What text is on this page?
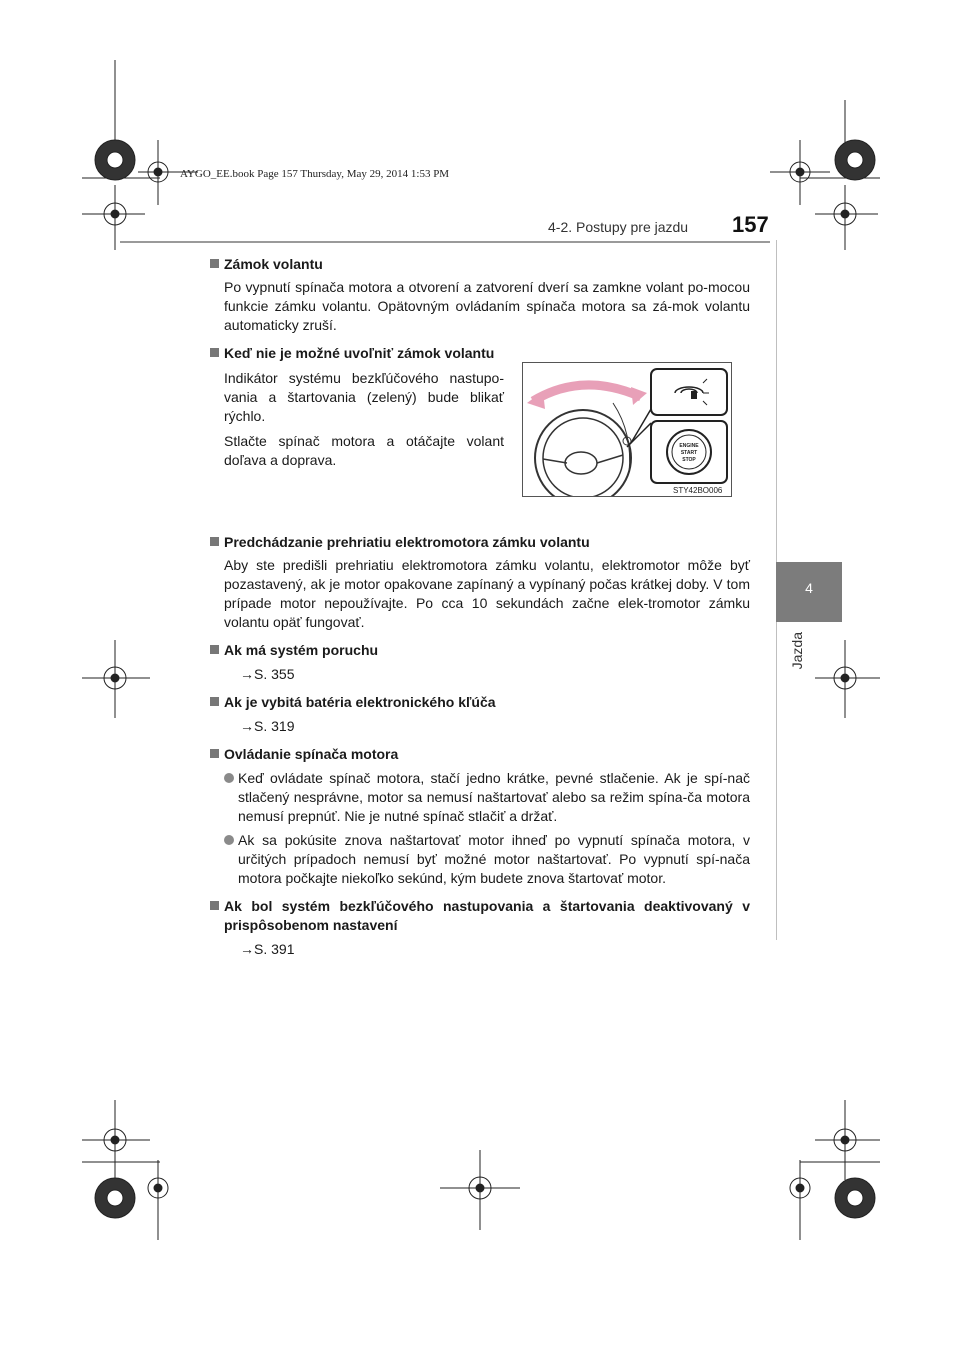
AYGO_EE.book Page 157 Thursday, May 29, 2014 1:53 PM
4-2. Postupy pre jazdu 157
4
Jazda
Zámok volantu
Po vypnutí spínača motora a otvorení a zatvorení dverí sa zamkne volant po-mocou funkcie zámku volantu. Opätovným ovládaním spínača motora sa zá-mok volantu automaticky zruší.
Keď nie je možné uvoľniť zámok volantu

Indikátor systému bezkľúčového nastupo-vania a štartovania (zelený) bude blikať rýchlo.

Stlačte spínač motora a otáčajte volant doľava a doprava.

Predchádzanie prehriatiu elektromotora zámku volantu
Aby ste predišli prehriatiu elektromotora zámku volantu, elektromotor môže byť pozastavený, ak je motor opakovane zapínaný a vypínaný počas krátkej doby. V tom prípade motor nepoužívajte. Po cca 10 sekundách začne elek-tromotor zámku volantu opäť fungovať.
Ak má systém poruchu
→S. 355
Ak je vybitá batéria elektronického kľúča
→S. 319
Ovládanie spínača motora
Keď ovládate spínač motora, stačí jedno krátke, pevné stlačenie. Ak je spí-nač stlačený nesprávne, motor sa nemusí naštartovať alebo sa režim spína-ča motora nemusí prepnúť. Nie je nutné spínač stlačiť a držať.
Ak sa pokúsite znova naštartovať motor ihneď po vypnutí spínača motora, v určitých prípadoch nemusí byť možné motor naštartovať. Po vypnutí spí-nača motora počkajte niekoľko sekúnd, kým budete znova štartovať motor.
Ak bol systém bezkľúčového nastupovania a štartovania deaktivovaný v prispôsobenom nastavení
→S. 391
ENGINE
START
STOP
STY42BO006
